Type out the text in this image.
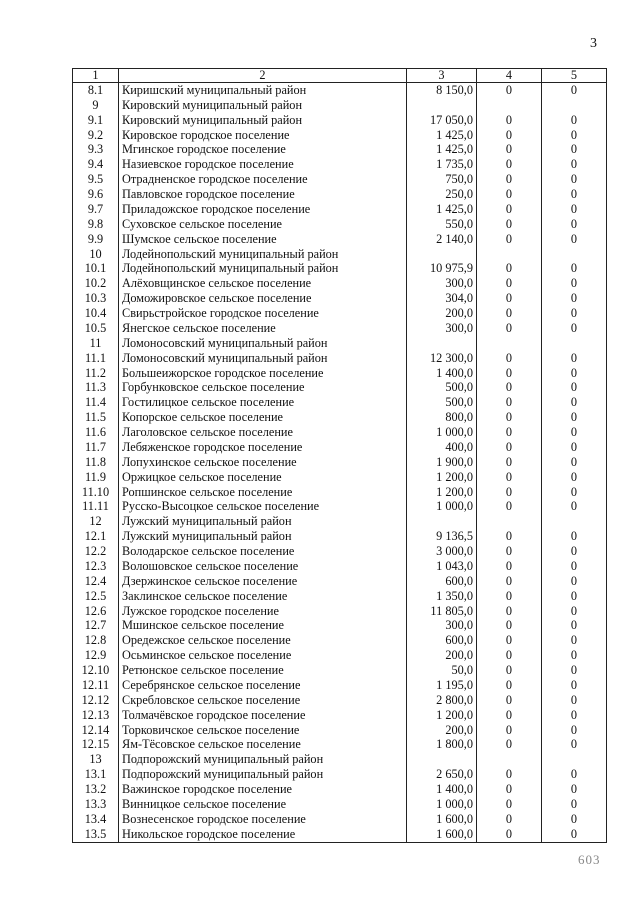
3
1	2	3	4	5
8.1	Киришский муниципальный район	8 150,0	0	0
9	Кировский муниципальный район			
9.1	Кировский муниципальный район	17 050,0	0	0
9.2	Кировское городское поселение	1 425,0	0	0
9.3	Мгинское городское поселение	1 425,0	0	0
9.4	Назиевское городское поселение	1 735,0	0	0
9.5	Отрадненское городское поселение	750,0	0	0
9.6	Павловское городское поселение	250,0	0	0
9.7	Приладожское городское поселение	1 425,0	0	0
9.8	Суховское сельское поселение	550,0	0	0
9.9	Шумское сельское поселение	2 140,0	0	0
10	Лодейнопольский муниципальный район			
10.1	Лодейнопольский муниципальный район	10 975,9	0	0
10.2	Алёховщинское сельское поселение	300,0	0	0
10.3	Доможировское сельское поселение	304,0	0	0
10.4	Свирьстройское городское поселение	200,0	0	0
10.5	Янегское сельское поселение	300,0	0	0
11	Ломоносовский муниципальный район			
11.1	Ломоносовский муниципальный район	12 300,0	0	0
11.2	Большеижорское городское поселение	1 400,0	0	0
11.3	Горбунковское сельское поселение	500,0	0	0
11.4	Гостилицкое сельское поселение	500,0	0	0
11.5	Копорское сельское поселение	800,0	0	0
11.6	Лаголовское сельское поселение	1 000,0	0	0
11.7	Лебяженское городское поселение	400,0	0	0
11.8	Лопухинское сельское поселение	1 900,0	0	0
11.9	Оржицкое сельское поселение	1 200,0	0	0
11.10	Ропшинское сельское поселение	1 200,0	0	0
11.11	Русско-Высоцкое сельское поселение	1 000,0	0	0
12	Лужский муниципальный район			
12.1	Лужский муниципальный район	9 136,5	0	0
12.2	Володарское сельское поселение	3 000,0	0	0
12.3	Волошовское сельское поселение	1 043,0	0	0
12.4	Дзержинское сельское поселение	600,0	0	0
12.5	Заклинское сельское поселение	1 350,0	0	0
12.6	Лужское городское поселение	11 805,0	0	0
12.7	Мшинское сельское поселение	300,0	0	0
12.8	Оредежское сельское поселение	600,0	0	0
12.9	Осьминское сельское поселение	200,0	0	0
12.10	Ретюнское сельское поселение	50,0	0	0
12.11	Серебрянское сельское поселение	1 195,0	0	0
12.12	Скребловское сельское поселение	2 800,0	0	0
12.13	Толмачёвское городское поселение	1 200,0	0	0
12.14	Торковичское сельское поселение	200,0	0	0
12.15	Ям-Тёсовское сельское поселение	1 800,0	0	0
13	Подпорожский муниципальный район			
13.1	Подпорожский муниципальный район	2 650,0	0	0
13.2	Важинское городское поселение	1 400,0	0	0
13.3	Винницкое сельское поселение	1 000,0	0	0
13.4	Вознесенское городское поселение	1 600,0	0	0
13.5	Никольское городское поселение	1 600,0	0	0
603
